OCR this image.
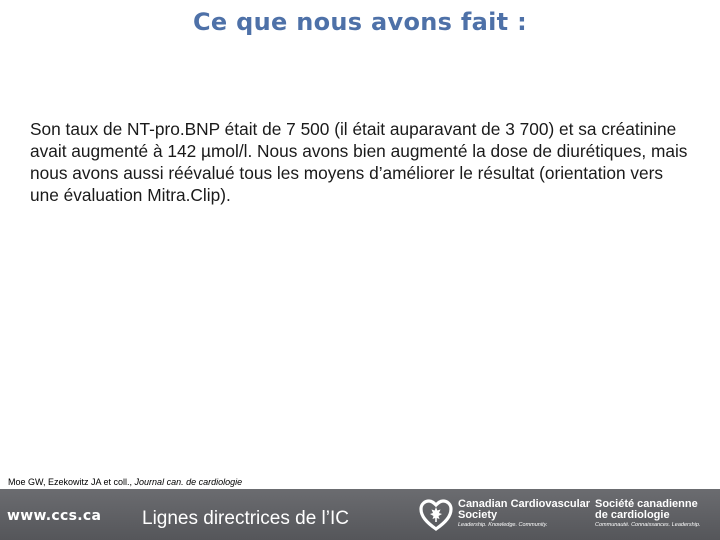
Ce que nous avons fait :
Son taux de NT-pro.BNP était de 7 500 (il était auparavant de 3 700) et sa créatinine avait augmenté à 142 µmol/l. Nous avons bien augmenté la dose de diurétiques, mais nous avons aussi réévalué tous les moyens d’améliorer le résultat (orientation vers une évaluation Mitra.Clip).
Moe GW, Ezekowitz JA et coll., Journal can. de cardiologie
www.ccs.ca Lignes directrices de l’IC
Canadian Cardiovascular
Society
Leadership. Knowledge. Community.
Société canadienne
de cardiologie
Communauté. Connaissances. Leadership.
